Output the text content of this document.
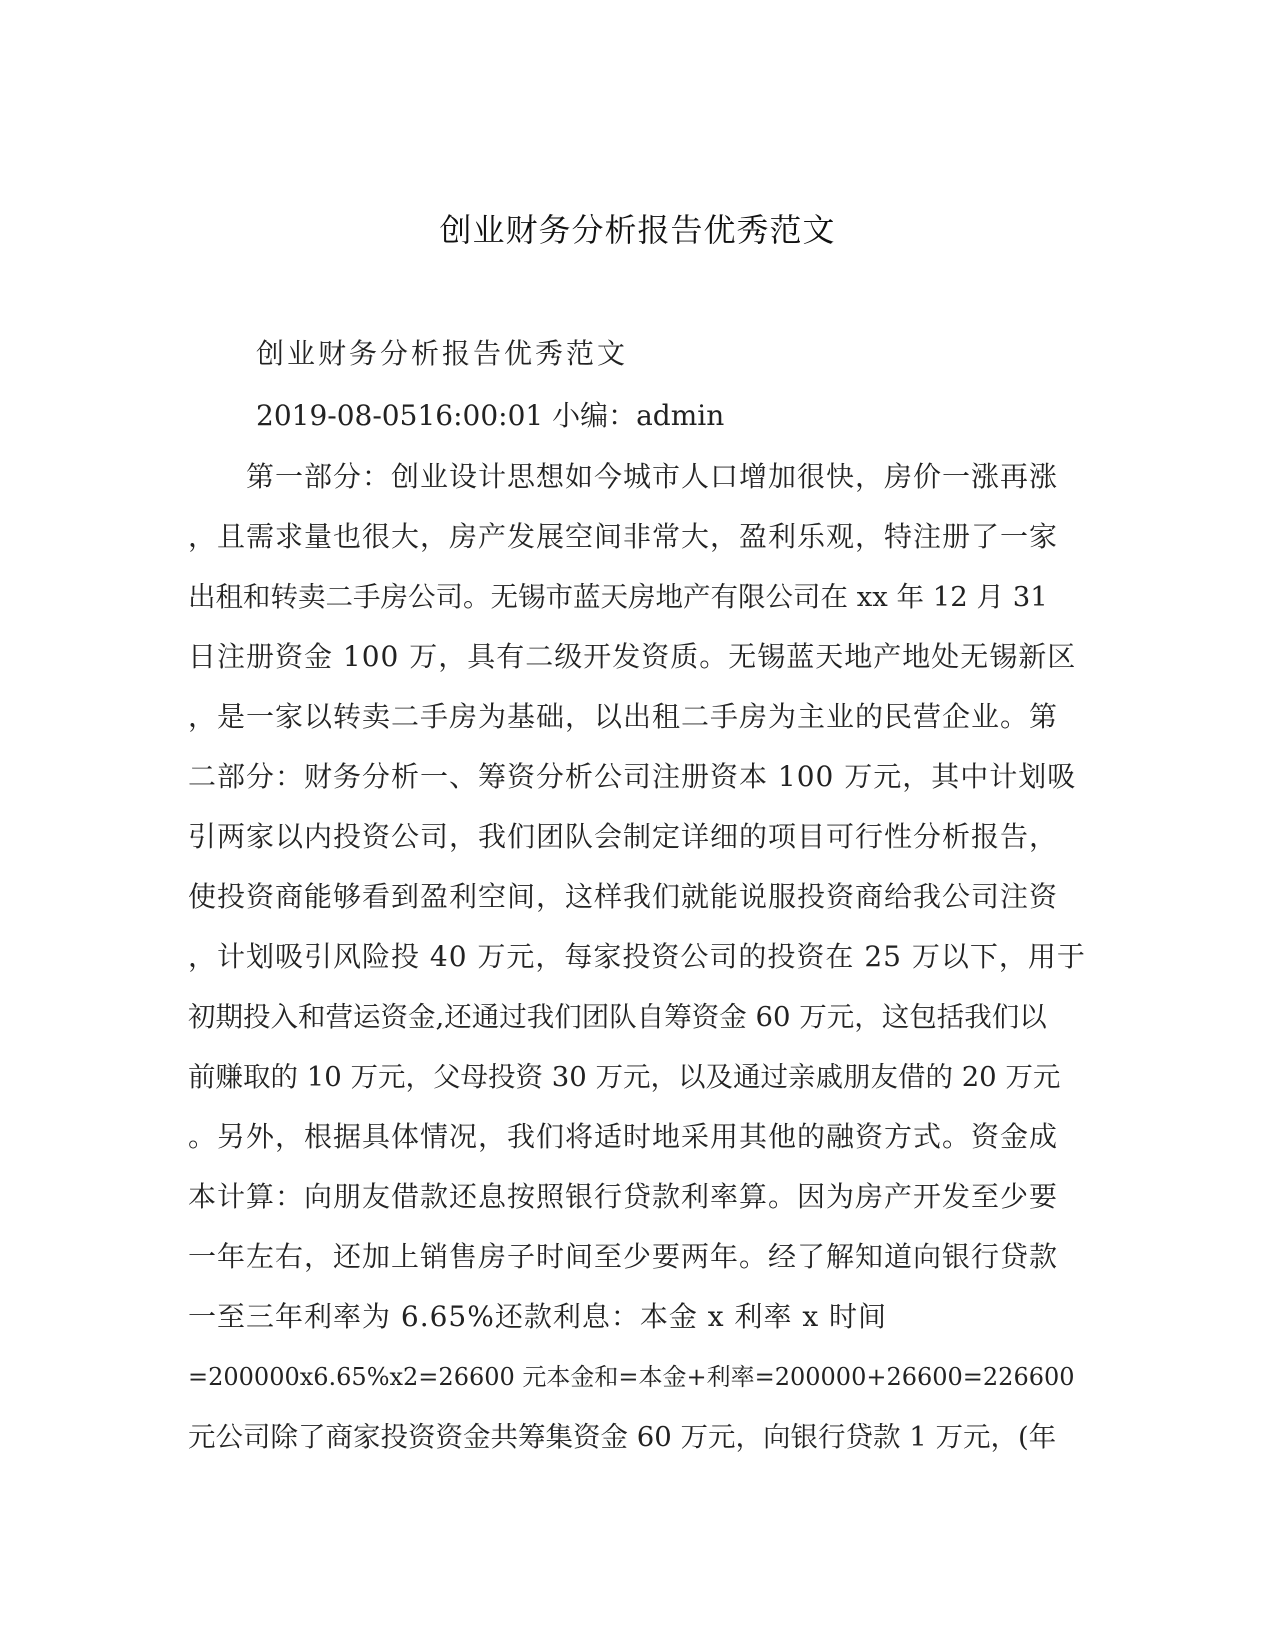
创业财务分析报告优秀范文

创业财务分析报告优秀范文

2019-08-0516:00:01 小编：admin

　　第一部分：创业设计思想如今城市人口增加很快，房价一涨再涨
，且需求量也很大，房产发展空间非常大，盈利乐观，特注册了一家
出租和转卖二手房公司。无锡市蓝天房地产有限公司在 xx 年 12 月 31
日注册资金 100 万，具有二级开发资质。无锡蓝天地产地处无锡新区
，是一家以转卖二手房为基础，以出租二手房为主业的民营企业。第
二部分：财务分析一、筹资分析公司注册资本 100 万元，其中计划吸
引两家以内投资公司，我们团队会制定详细的项目可行性分析报告，
使投资商能够看到盈利空间，这样我们就能说服投资商给我公司注资
，计划吸引风险投 40 万元，每家投资公司的投资在 25 万以下，用于
初期投入和营运资金,还通过我们团队自筹资金 60 万元，这包括我们以
前赚取的 10 万元，父母投资 30 万元，以及通过亲戚朋友借的 20 万元
。另外，根据具体情况，我们将适时地采用其他的融资方式。资金成
本计算：向朋友借款还息按照银行贷款利率算。因为房产开发至少要
一年左右，还加上销售房子时间至少要两年。经了解知道向银行贷款
一至三年利率为 6.65%还款利息：本金 x 利率 x 时间
=200000x6.65%x2=26600 元本金和=本金+利率=200000+26600=226600
元公司除了商家投资资金共筹集资金 60 万元，向银行贷款 1 万元，(年
